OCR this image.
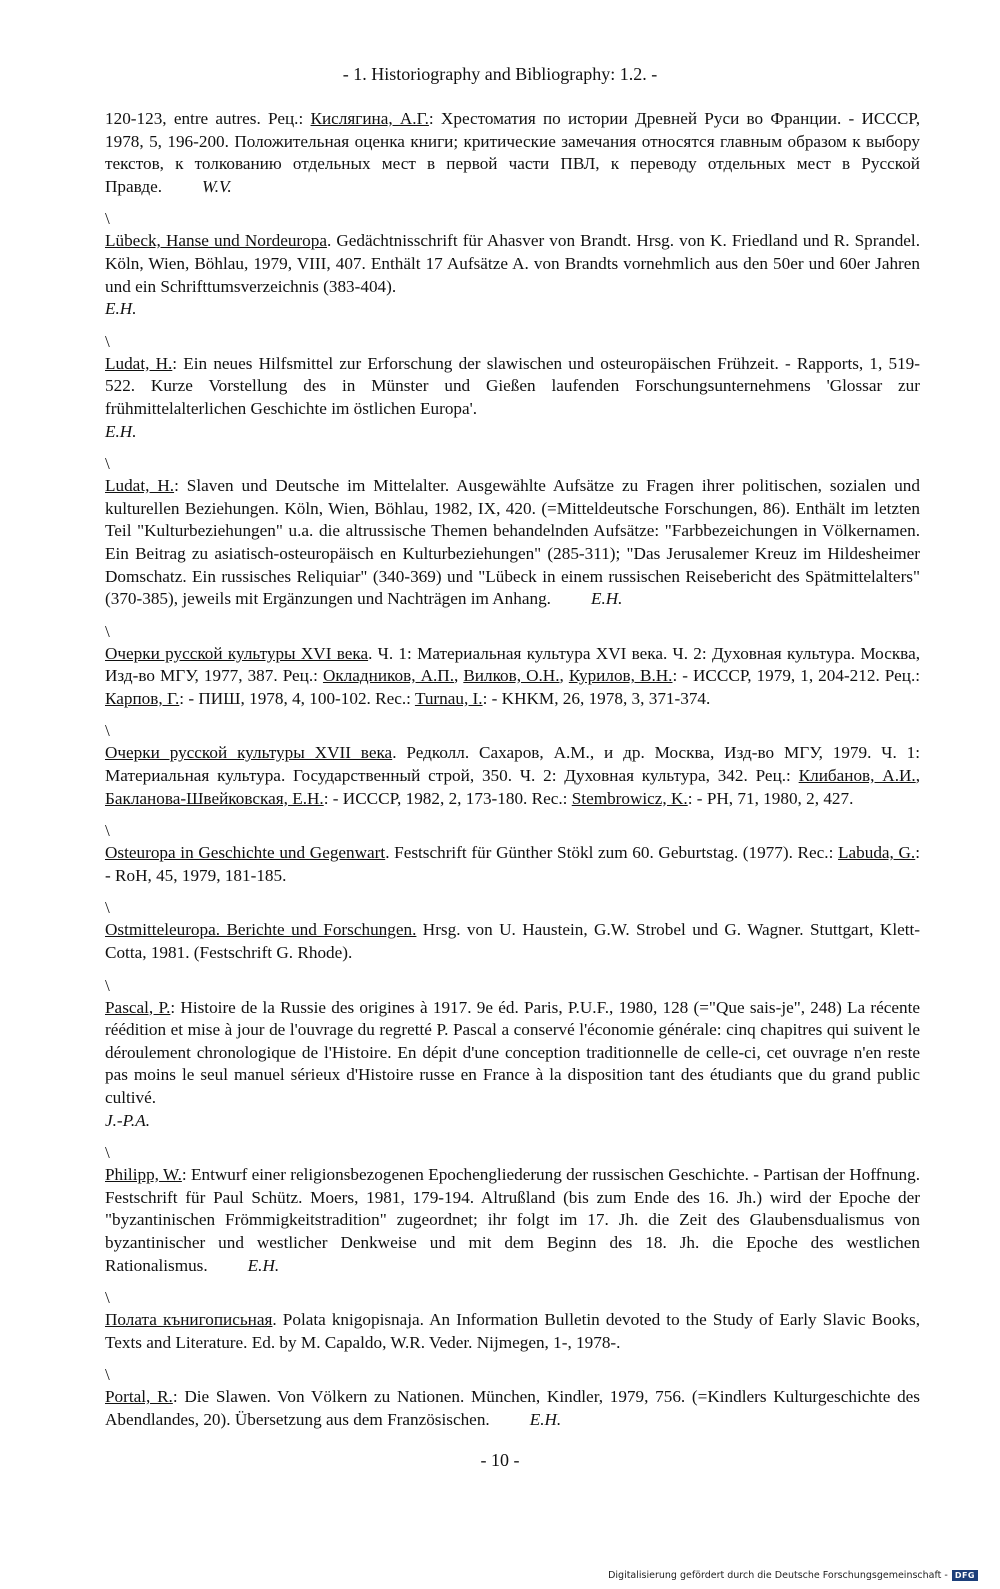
- 1. Historiography and Bibliography: 1.2. -

120-123, entre autres. Рец.: Кислягина, А.Г.: Хрестоматия по истории Древней Руси во Франции. - ИСССР, 1978, 5, 196-200. Положительная оценка книги; критические замечания относятся главным образом к выбору текстов, к толкованию отдельных мест в первой части ПВЛ, к переводу отдельных мест в Русской Правде. W.V.

\

Lübeck, Hanse und Nordeuropa. Gedächtnisschrift für Ahasver von Brandt. Hrsg. von K. Friedland und R. Sprandel. Köln, Wien, Böhlau, 1979, VIII, 407. Enthält 17 Aufsätze A. von Brandts vornehmlich aus den 50er und 60er Jahren und ein Schrifttumsverzeichnis (383-404).
E.H.

\

Ludat, H.: Ein neues Hilfsmittel zur Erforschung der slawischen und osteuropäischen Frühzeit. - Rapports, 1, 519-522. Kurze Vorstellung des in Münster und Gießen laufenden Forschungsunternehmens 'Glossar zur frühmittelalterlichen Geschichte im östlichen Europa'.
E.H.

\

Ludat, H.: Slaven und Deutsche im Mittelalter. Ausgewählte Aufsätze zu Fragen ihrer politischen, sozialen und kulturellen Beziehungen. Köln, Wien, Böhlau, 1982, IX, 420. (=Mitteldeutsche Forschungen, 86). Enthält im letzten Teil "Kulturbeziehungen" u.a. die altrussische Themen behandelnden Aufsätze: "Farbbezeichungen in Völkernamen. Ein Beitrag zu asiatisch-osteuropäisch en Kulturbeziehungen" (285-311); "Das Jerusalemer Kreuz im Hildesheimer Domschatz. Ein russisches Reliquiar" (340-369) und "Lübeck in einem russischen Reisebericht des Spätmittelalters" (370-385), jeweils mit Ergänzungen und Nachträgen im Anhang. E.H.

\

Очерки русской культуры XVI века. Ч. 1: Материальная культура XVI века. Ч. 2: Духовная культура. Москва, Изд-во МГУ, 1977, 387. Рец.: Окладников, А.П., Вилков, О.Н., Курилов, В.Н.: - ИСССР, 1979, 1, 204-212. Рец.: Карпов, Г.: - ПИШ, 1978, 4, 100-102. Rec.: Turnau, I.: - KHKM, 26, 1978, 3, 371-374.

\

Очерки русской культуры XVII века. Редколл. Сахаров, А.М., и др. Москва, Изд-во МГУ, 1979. Ч. 1: Материальная культура. Государственный строй, 350. Ч. 2: Духовная культура, 342. Рец.: Клибанов, А.И., Бакланова-Швейковская, Е.Н.: - ИСССР, 1982, 2, 173-180. Rec.: Stembrowicz, K.: - PH, 71, 1980, 2, 427.

\

Osteuropa in Geschichte und Gegenwart. Festschrift für Günther Stökl zum 60. Geburtstag. (1977). Rec.: Labuda, G.: - RoH, 45, 1979, 181-185.

\

Ostmitteleuropa. Berichte und Forschungen. Hrsg. von U. Haustein, G.W. Strobel und G. Wagner. Stuttgart, Klett-Cotta, 1981. (Festschrift G. Rhode).

\

Pascal, P.: Histoire de la Russie des origines à 1917. 9e éd. Paris, P.U.F., 1980, 128 (="Que sais-je", 248) La récente réédition et mise à jour de l'ouvrage du regretté P. Pascal a conservé l'économie générale: cinq chapitres qui suivent le déroulement chronologique de l'Histoire. En dépit d'une conception traditionnelle de celle-ci, cet ouvrage n'en reste pas moins le seul manuel sérieux d'Histoire russe en France à la disposition tant des étudiants que du grand public cultivé.
J.-P.A.

\

Philipp, W.: Entwurf einer religionsbezogenen Epochengliederung der russischen Geschichte. - Partisan der Hoffnung. Festschrift für Paul Schütz. Moers, 1981, 179-194. Altrußland (bis zum Ende des 16. Jh.) wird der Epoche der "byzantinischen Frömmigkeitstradition" zugeordnet; ihr folgt im 17. Jh. die Zeit des Glaubensdualismus von byzantinischer und westlicher Denkweise und mit dem Beginn des 18. Jh. die Epoche des westlichen Rationalismus. E.H.

\

Полата кънигописьная. Polata knigopisnaja. An Information Bulletin devoted to the Study of Early Slavic Books, Texts and Literature. Ed. by M. Capaldo, W.R. Veder. Nijmegen, 1-, 1978-.

\

Portal, R.: Die Slawen. Von Völkern zu Nationen. München, Kindler, 1979, 756. (=Kindlers Kulturgeschichte des Abendlandes, 20). Übersetzung aus dem Französischen. E.H.

- 10 -
Digitalisierung gefördert durch die Deutsche Forschungsgemeinschaft - DFG
